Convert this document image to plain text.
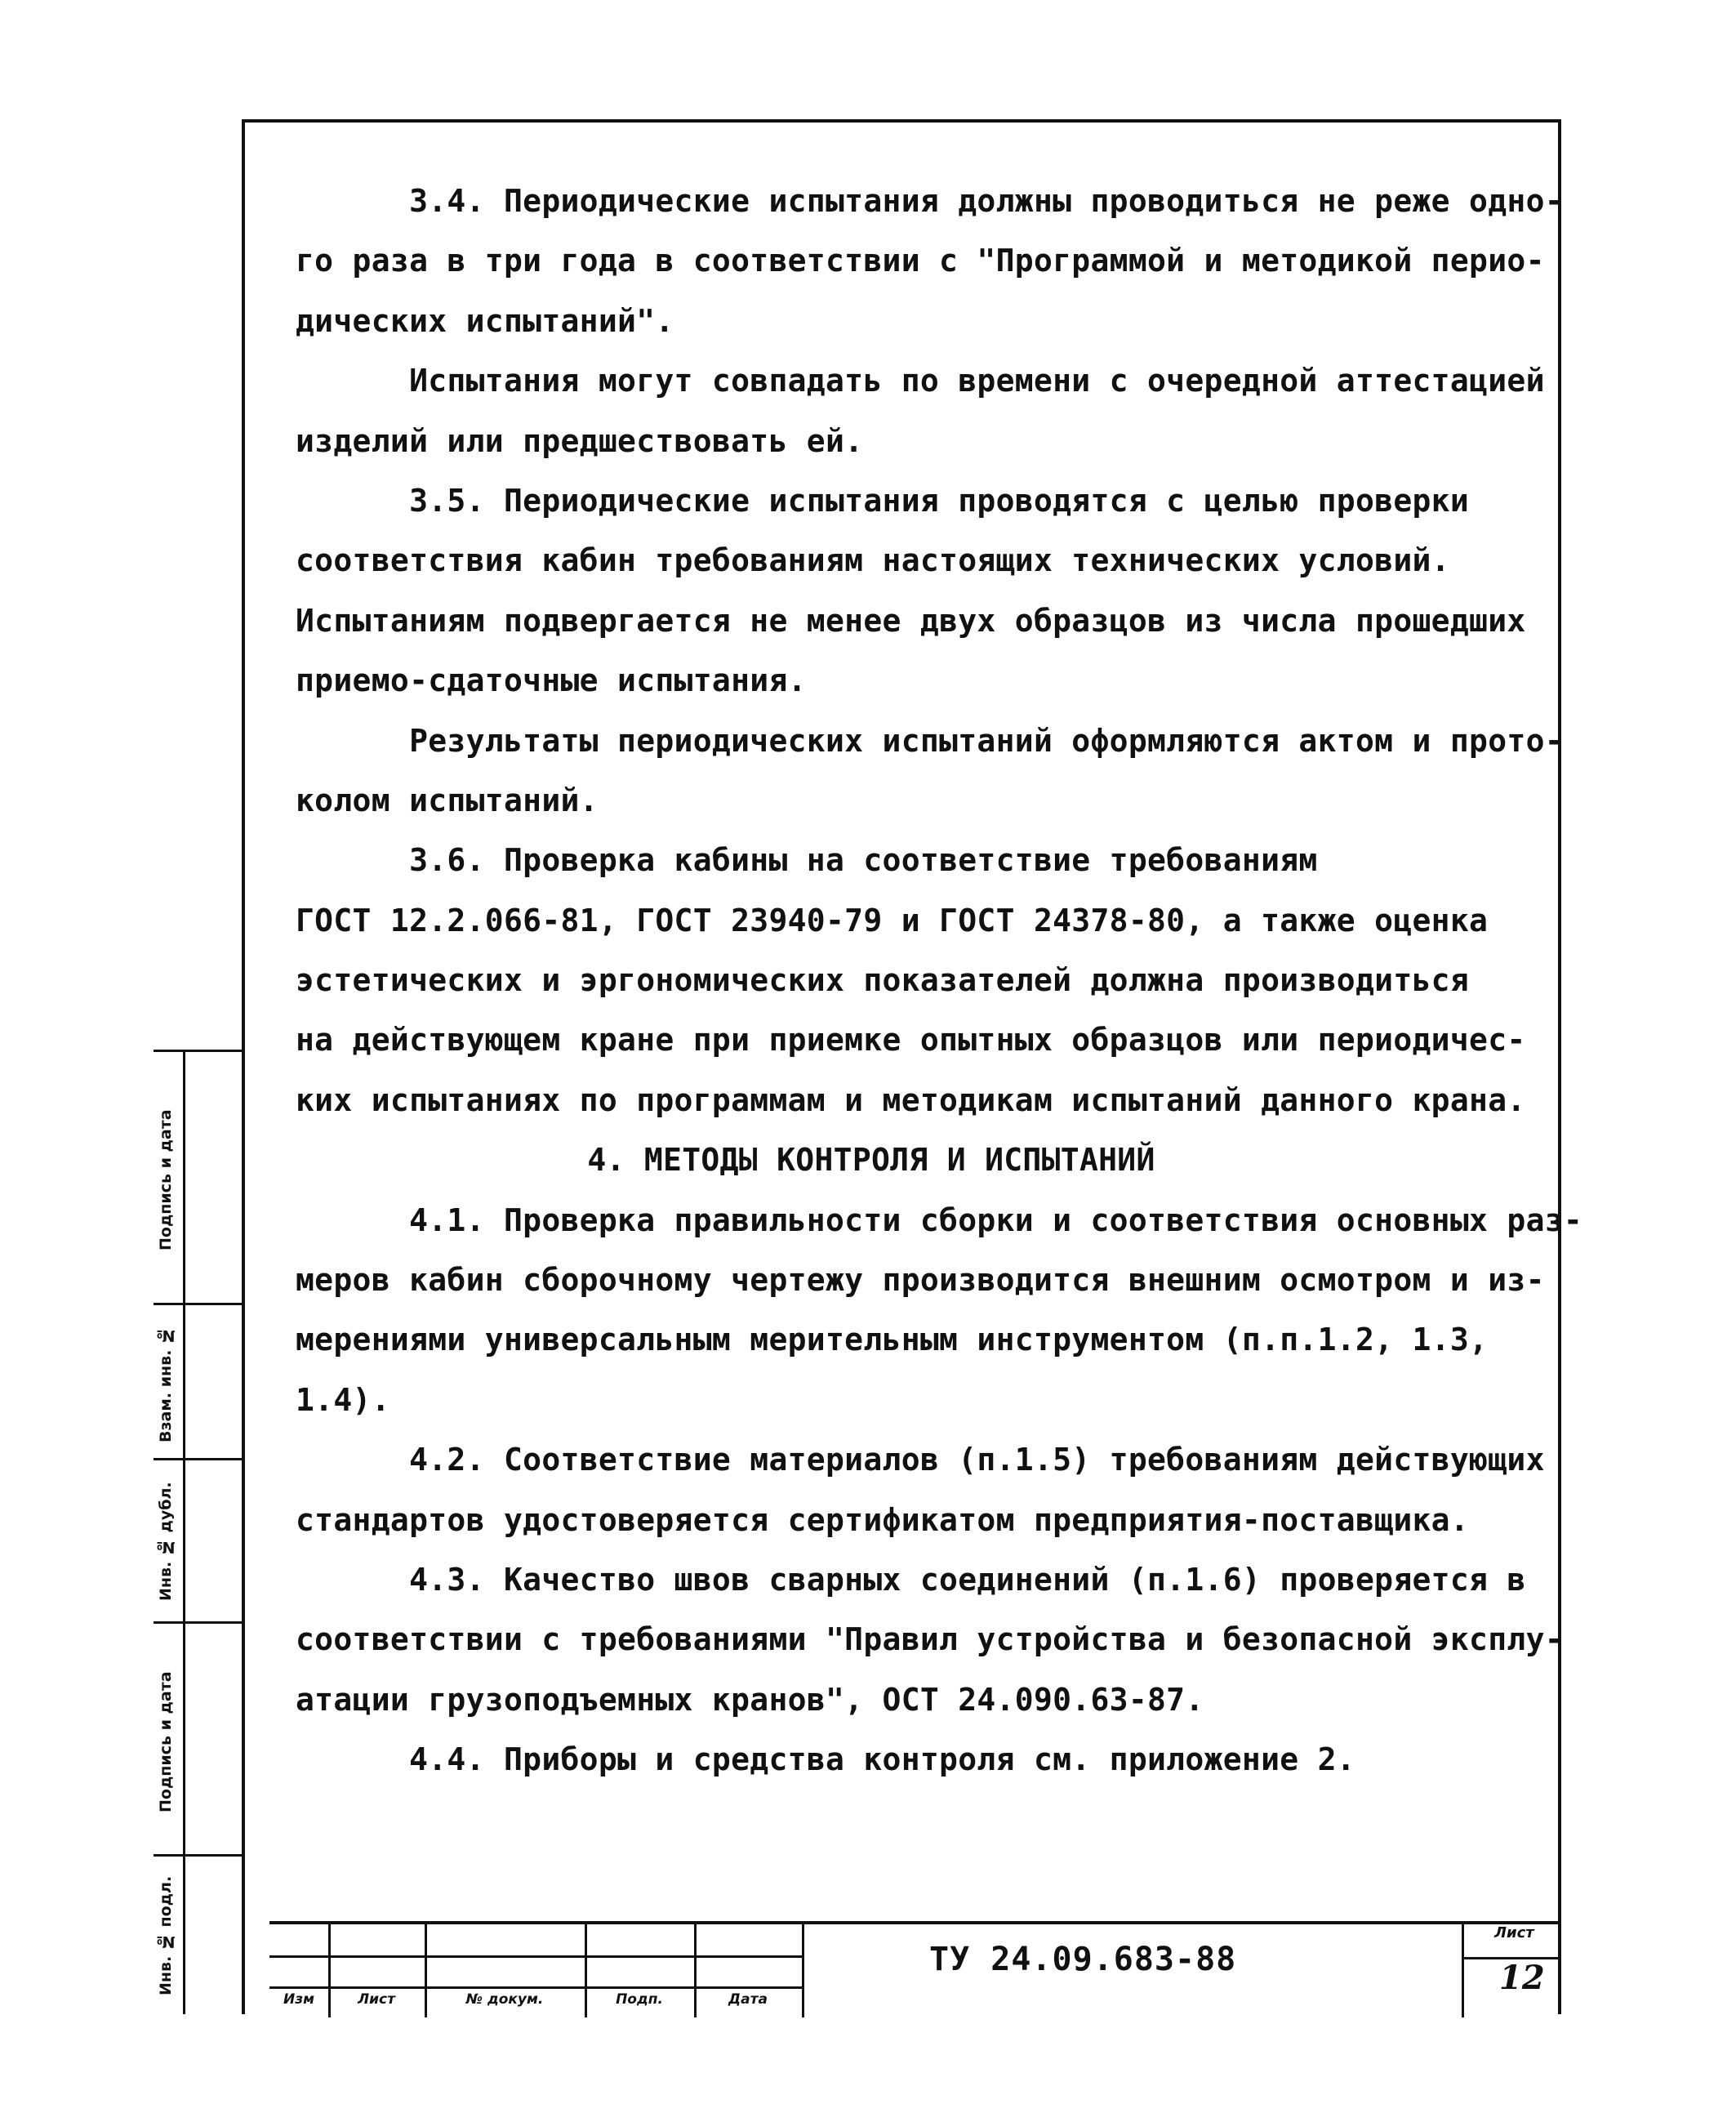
3.4. Периодические испытания должны проводиться не реже одно-
го раза в три года в соответствии с "Программой и методикой перио-
дических испытаний".
Испытания могут совпадать по времени с очередной аттестацией
изделий или предшествовать ей.
3.5. Периодические испытания проводятся с целью проверки
соответствия кабин требованиям настоящих технических условий.
Испытаниям подвергается не менее двух образцов из числа прошедших
приемо-сдаточные испытания.
Результаты периодических испытаний оформляются актом и прото-
колом испытаний.
3.6. Проверка кабины на соответствие требованиям
ГОСТ 12.2.066-81, ГОСТ 23940-79 и ГОСТ 24378-80, а также оценка
эстетических и эргономических показателей должна производиться
на действующем кране при приемке опытных образцов или периодичес-
ких испытаниях по программам и методикам испытаний данного крана.
4. МЕТОДЫ КОНТРОЛЯ И ИСПЫТАНИЙ
4.1. Проверка правильности сборки и соответствия основных раз-
меров кабин сборочному чертежу производится внешним осмотром и из-
мерениями универсальным мерительным инструментом (п.п.1.2, 1.3,
1.4).
4.2. Соответствие материалов (п.1.5) требованиям действующих
стандартов удостоверяется сертификатом предприятия-поставщика.
4.3. Качество швов сварных соединений (п.1.6) проверяется в
соответствии с требованиями "Правил устройства и безопасной эксплу-
атации грузоподъемных кранов", ОСТ 24.090.63-87.
4.4. Приборы и средства контроля см. приложение 2.
Подпись и дата
Взам. инв. №
Инв. № дубл.
Подпись и дата
Инв. № подл.
Изм	Лист	№ докум.	Подп.	Дата
ТУ 24.09.683-88
Лист
12
